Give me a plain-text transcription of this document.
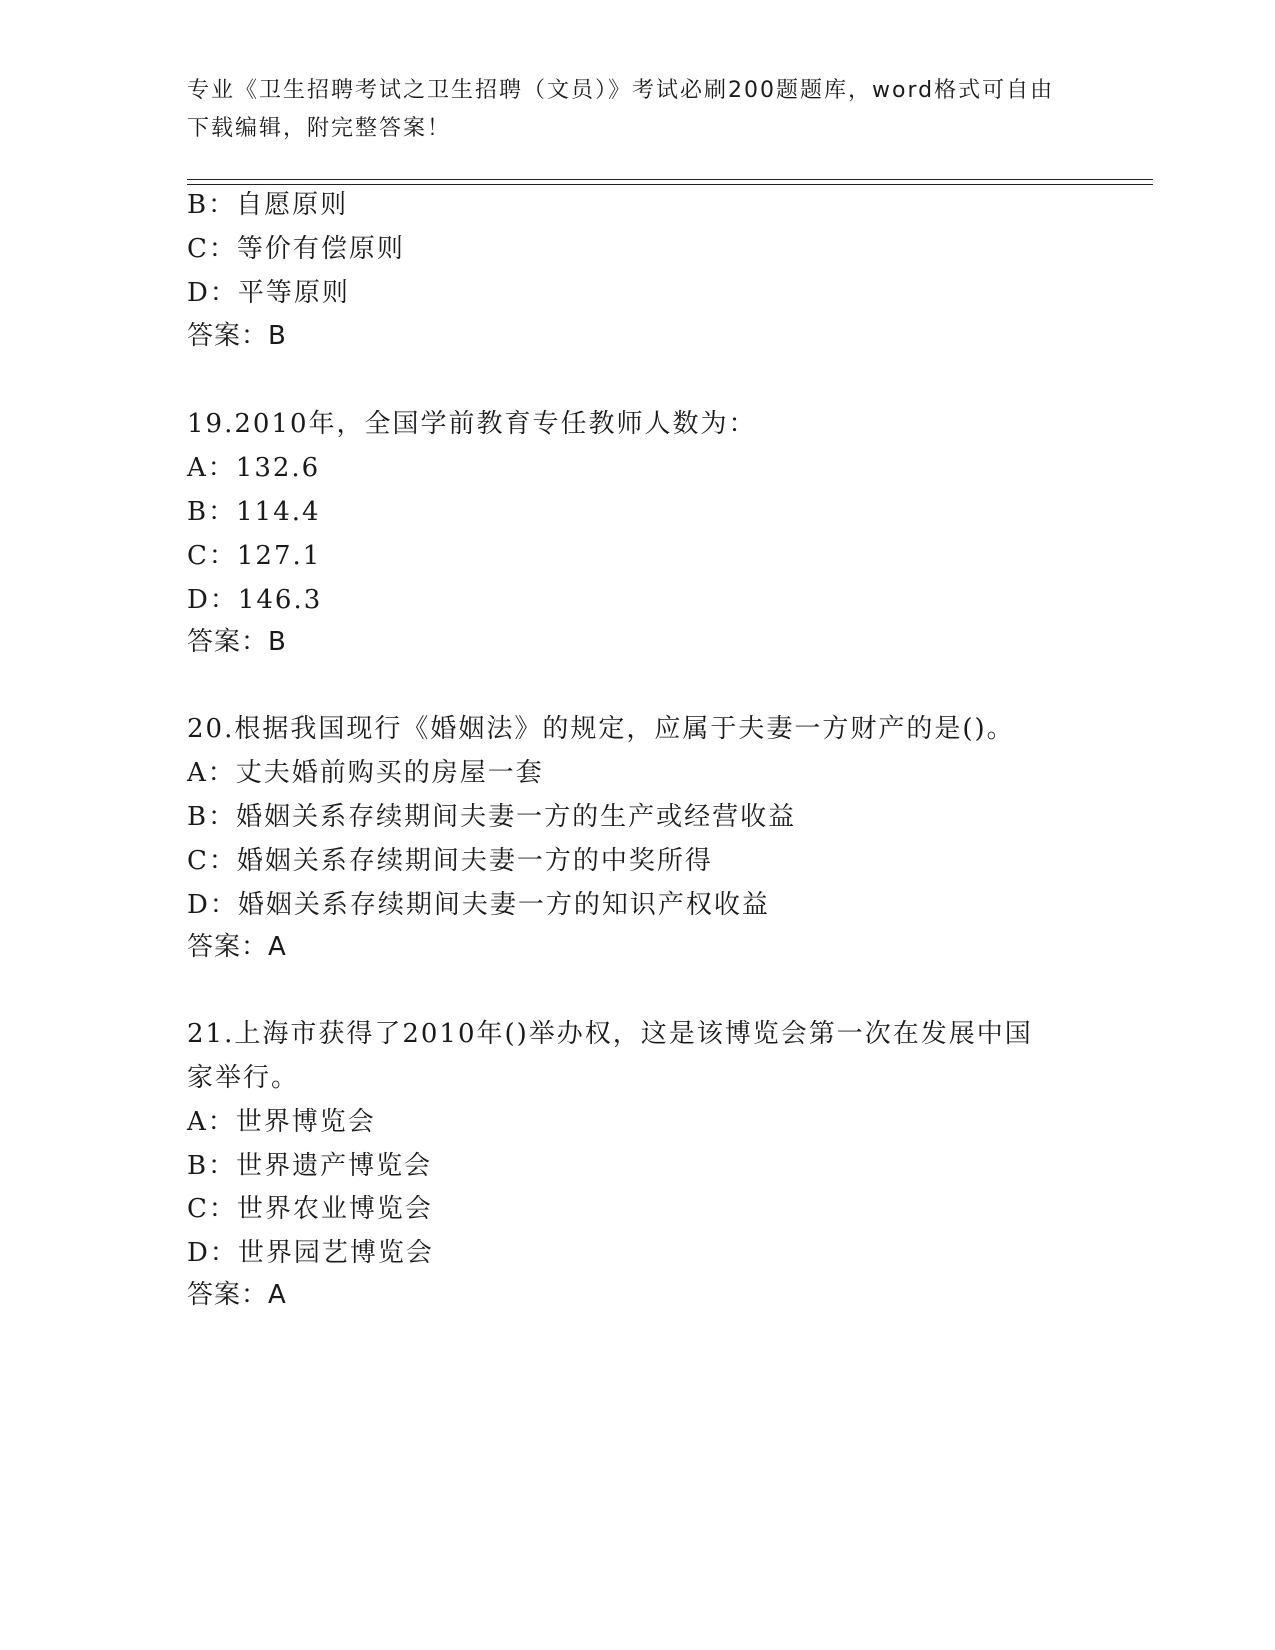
专业《卫生招聘考试之卫生招聘（文员）》考试必刷200题题库，word格式可自由下载编辑，附完整答案！

B：自愿原则

C：等价有偿原则

D：平等原则

答案：B

19.2010年，全国学前教育专任教师人数为：

A：132.6

B：114.4

C：127.1

D：146.3

答案：B

20.根据我国现行《婚姻法》的规定，应属于夫妻一方财产的是()。

A：丈夫婚前购买的房屋一套

B：婚姻关系存续期间夫妻一方的生产或经营收益

C：婚姻关系存续期间夫妻一方的中奖所得

D：婚姻关系存续期间夫妻一方的知识产权收益

答案：A

21.上海市获得了2010年()举办权，这是该博览会第一次在发展中国

家举行。

A：世界博览会

B：世界遗产博览会

C：世界农业博览会

D：世界园艺博览会

答案：A
